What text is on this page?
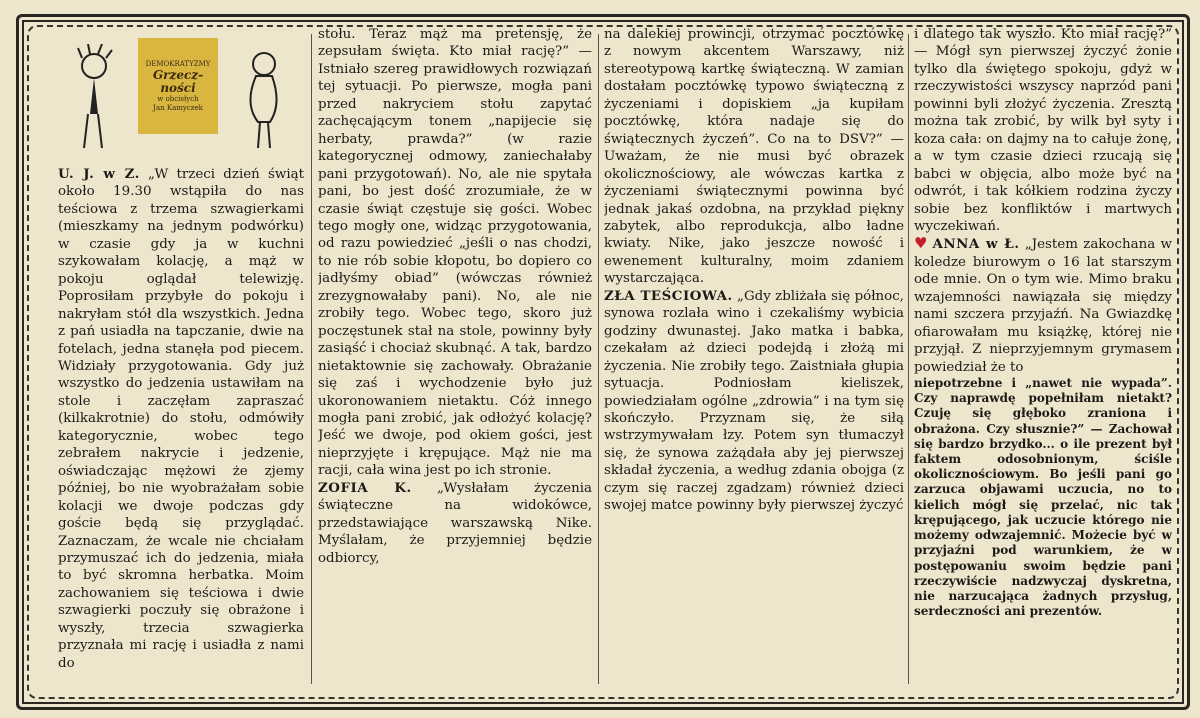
DEMOKRATYZMY
Grzecz-ności
w obcisłych
Jan Kamyczek

U. J. w Z. „W trzeci dzień świąt około 19.30 wstąpiła do nas teściowa z trzema szwagierkami (mieszkamy na jednym podwórku) w czasie gdy ja w kuchni szykowałam kolację, a mąż w pokoju oglądał telewizję. Poprosiłam przybyłe do pokoju i nakryłam stół dla wszystkich. Jedna z pań usiadła na tapczanie, dwie na fotelach, jedna stanęła pod piecem. Widziały przygotowania. Gdy już wszystko do jedzenia ustawiłam na stole i zaczęłam zapraszać (kilkakrotnie) do stołu, odmówiły kategorycznie, wobec tego zebrałem nakrycie i jedzenie, oświadczając mężowi że zjemy później, bo nie wyobrażałam sobie kolacji we dwoje podczas gdy goście będą się przyglądać. Zaznaczam, że wcale nie chciałam przymuszać ich do jedzenia, miała to być skromna herbatka. Moim zachowaniem się teściowa i dwie szwagierki poczuły się obrażone i wyszły, trzecia szwagierka przyznała mi rację i usiadła z nami do

stołu. Teraz mąż ma pretensję, że zepsułam święta. Kto miał rację?” — Istniało szereg prawidłowych rozwiązań tej sytuacji. Po pierwsze, mogła pani przed nakryciem stołu zapytać zachęcającym tonem „napijecie się herbaty, prawda?” (w razie kategorycznej odmowy, zaniechałaby pani przygotowań). No, ale nie spytała pani, bo jest dość zrozumiałe, że w czasie świąt częstuje się gości. Wobec tego mogły one, widząc przygotowania, od razu powiedzieć „jeśli o nas chodzi, to nie rób sobie kłopotu, bo dopiero co jadłyśmy obiad” (wówczas również zrezygnowałaby pani). No, ale nie zrobiły tego. Wobec tego, skoro już poczęstunek stał na stole, powinny były zasiąść i chociaż skubnąć. A tak, bardzo nietaktownie się zachowały. Obrażanie się zaś i wychodzenie było już ukoronowaniem nietaktu. Cóż innego mogła pani zrobić, jak odłożyć kolację? Jeść we dwoje, pod okiem gości, jest nieprzyjęte i krępujące. Mąż nie ma racji, cała wina jest po ich stronie.

ZOFIA K. „Wysłałam życzenia świąteczne na widokówce, przedstawiające warszawską Nike. Myślałam, że przyjemniej będzie odbiorcy,

na dalekiej prowincji, otrzymać pocztówkę z nowym akcentem Warszawy, niż stereotypową kartkę świąteczną. W zamian dostałam pocztówkę typowo świąteczną z życzeniami i dopiskiem „ja kupiłam pocztówkę, która nadaje się do świątecznych życzeń”. Co na to DSV?” — Uważam, że nie musi być obrazek okolicznościowy, ale wówczas kartka z życzeniami świątecznymi powinna być jednak jakaś ozdobna, na przykład piękny zabytek, albo reprodukcja, albo ładne kwiaty. Nike, jako jeszcze nowość i ewenement kulturalny, moim zdaniem wystarczająca.

ZŁA TEŚCIOWA. „Gdy zbliżała się północ, synowa rozlała wino i czekaliśmy wybicia godziny dwunastej. Jako matka i babka, czekałam aż dzieci podejdą i złożą mi życzenia. Nie zrobiły tego. Zaistniała głupia sytuacja. Podniosłam kieliszek, powiedziałam ogólne „zdrowia” i na tym się skończyło. Przyznam się, że siłą wstrzymywałam łzy. Potem syn tłumaczył się, że synowa zażądała aby jej pierwszej składał życzenia, a według zdania obojga (z czym się raczej zgadzam) również dzieci swojej matce powinny były pierwszej życzyć

i dlatego tak wyszło. Kto miał rację?” — Mógł syn pierwszej życzyć żonie tylko dla świętego spokoju, gdyż w rzeczywistości wszyscy naprzód pani powinni byli złożyć życzenia. Zresztą można tak zrobić, by wilk był syty i koza cała: on dajmy na to całuje żonę, a w tym czasie dzieci rzucają się babci w objęcia, albo może być na odwrót, i tak kółkiem rodzina życzy sobie bez konfliktów i martwych wyczekiwań.

♥ ANNA w Ł. „Jestem zakochana w koledze biurowym o 16 lat starszym ode mnie. On o tym wie. Mimo braku wzajemności nawiązała się między nami szczera przyjaźń. Na Gwiazdkę ofiarowałam mu książkę, której nie przyjął. Z nieprzyjemnym grymasem powiedział że to

niepotrzebne i „nawet nie wypada”. Czy naprawdę popełniłam nietakt? Czuję się głęboko zraniona i obrażona. Czy słusznie?” — Zachował się bardzo brzydko... o ile prezent był faktem odosobnionym, ściśle okolicznościowym. Bo jeśli pani go zarzuca objawami uczucia, no to kielich mógł się przelać, nic tak krępującego, jak uczucie którego nie możemy odwzajemnić. Możecie być w przyjaźni pod warunkiem, że w postępowaniu swoim będzie pani rzeczywiście nadzwyczaj dyskretna, nie narzucająca żadnych przysług, serdeczności ani prezentów.
